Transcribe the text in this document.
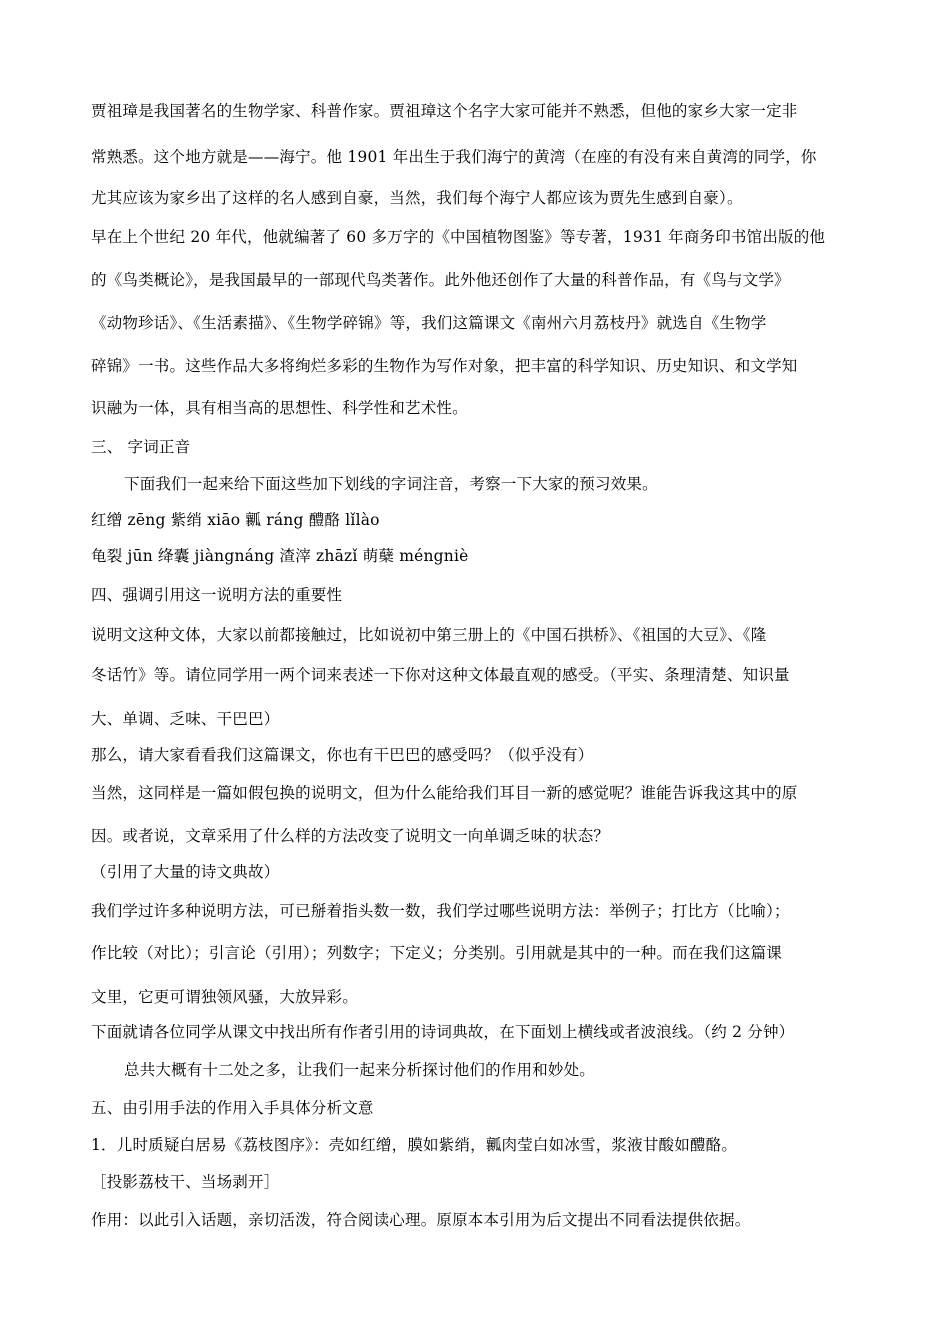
贾祖璋是我国著名的生物学家、科普作家。贾祖璋这个名字大家可能并不熟悉，但他的家乡大家一定非
常熟悉。这个地方就是——海宁。他 1901 年出生于我们海宁的黄湾（在座的有没有来自黄湾的同学，你
尤其应该为家乡出了这样的名人感到自豪，当然，我们每个海宁人都应该为贾先生感到自豪）。
早在上个世纪 20 年代，他就编著了 60 多万字的《中国植物图鉴》等专著，1931 年商务印书馆出版的他
的《鸟类概论》，是我国最早的一部现代鸟类著作。此外他还创作了大量的科普作品，有《鸟与文学》
《动物珍话》、《生活素描》、《生物学碎锦》等，我们这篇课文《南州六月荔枝丹》就选自《生物学
碎锦》一书。这些作品大多将绚烂多彩的生物作为写作对象，把丰富的科学知识、历史知识、和文学知
识融为一体，具有相当高的思想性、科学性和艺术性。
三、 字词正音
下面我们一起来给下面这些加下划线的字词注音，考察一下大家的预习效果。
红缯 zēng 紫绡 xiāo 瓤 ráng 醴酪 lǐlào
龟裂 jūn 绛囊 jiàngnáng 渣滓 zhāzǐ 萌蘖 méngniè
四、强调引用这一说明方法的重要性
说明文这种文体，大家以前都接触过，比如说初中第三册上的《中国石拱桥》、《祖国的大豆》、《隆
冬话竹》等。请位同学用一两个词来表述一下你对这种文体最直观的感受。（平实、条理清楚、知识量
大、单调、乏味、干巴巴）
那么，请大家看看我们这篇课文，你也有干巴巴的感受吗？（似乎没有）
当然，这同样是一篇如假包换的说明文，但为什么能给我们耳目一新的感觉呢？谁能告诉我这其中的原
因。或者说，文章采用了什么样的方法改变了说明文一向单调乏味的状态？
（引用了大量的诗文典故）
我们学过许多种说明方法，可已掰着指头数一数，我们学过哪些说明方法：举例子；打比方（比喻）；
作比较（对比）；引言论（引用）；列数字；下定义；分类别。引用就是其中的一种。而在我们这篇课
文里，它更可谓独领风骚，大放异彩。
下面就请各位同学从课文中找出所有作者引用的诗词典故，在下面划上横线或者波浪线。（约 2 分钟）
总共大概有十二处之多，让我们一起来分析探讨他们的作用和妙处。
五、由引用手法的作用入手具体分析文意
1．儿时质疑白居易《荔枝图序》：壳如红缯，膜如紫绡，瓤肉莹白如冰雪，浆液甘酸如醴酪。
［投影荔枝干、当场剥开］
作用：以此引入话题，亲切活泼，符合阅读心理。原原本本引用为后文提出不同看法提供依据。
